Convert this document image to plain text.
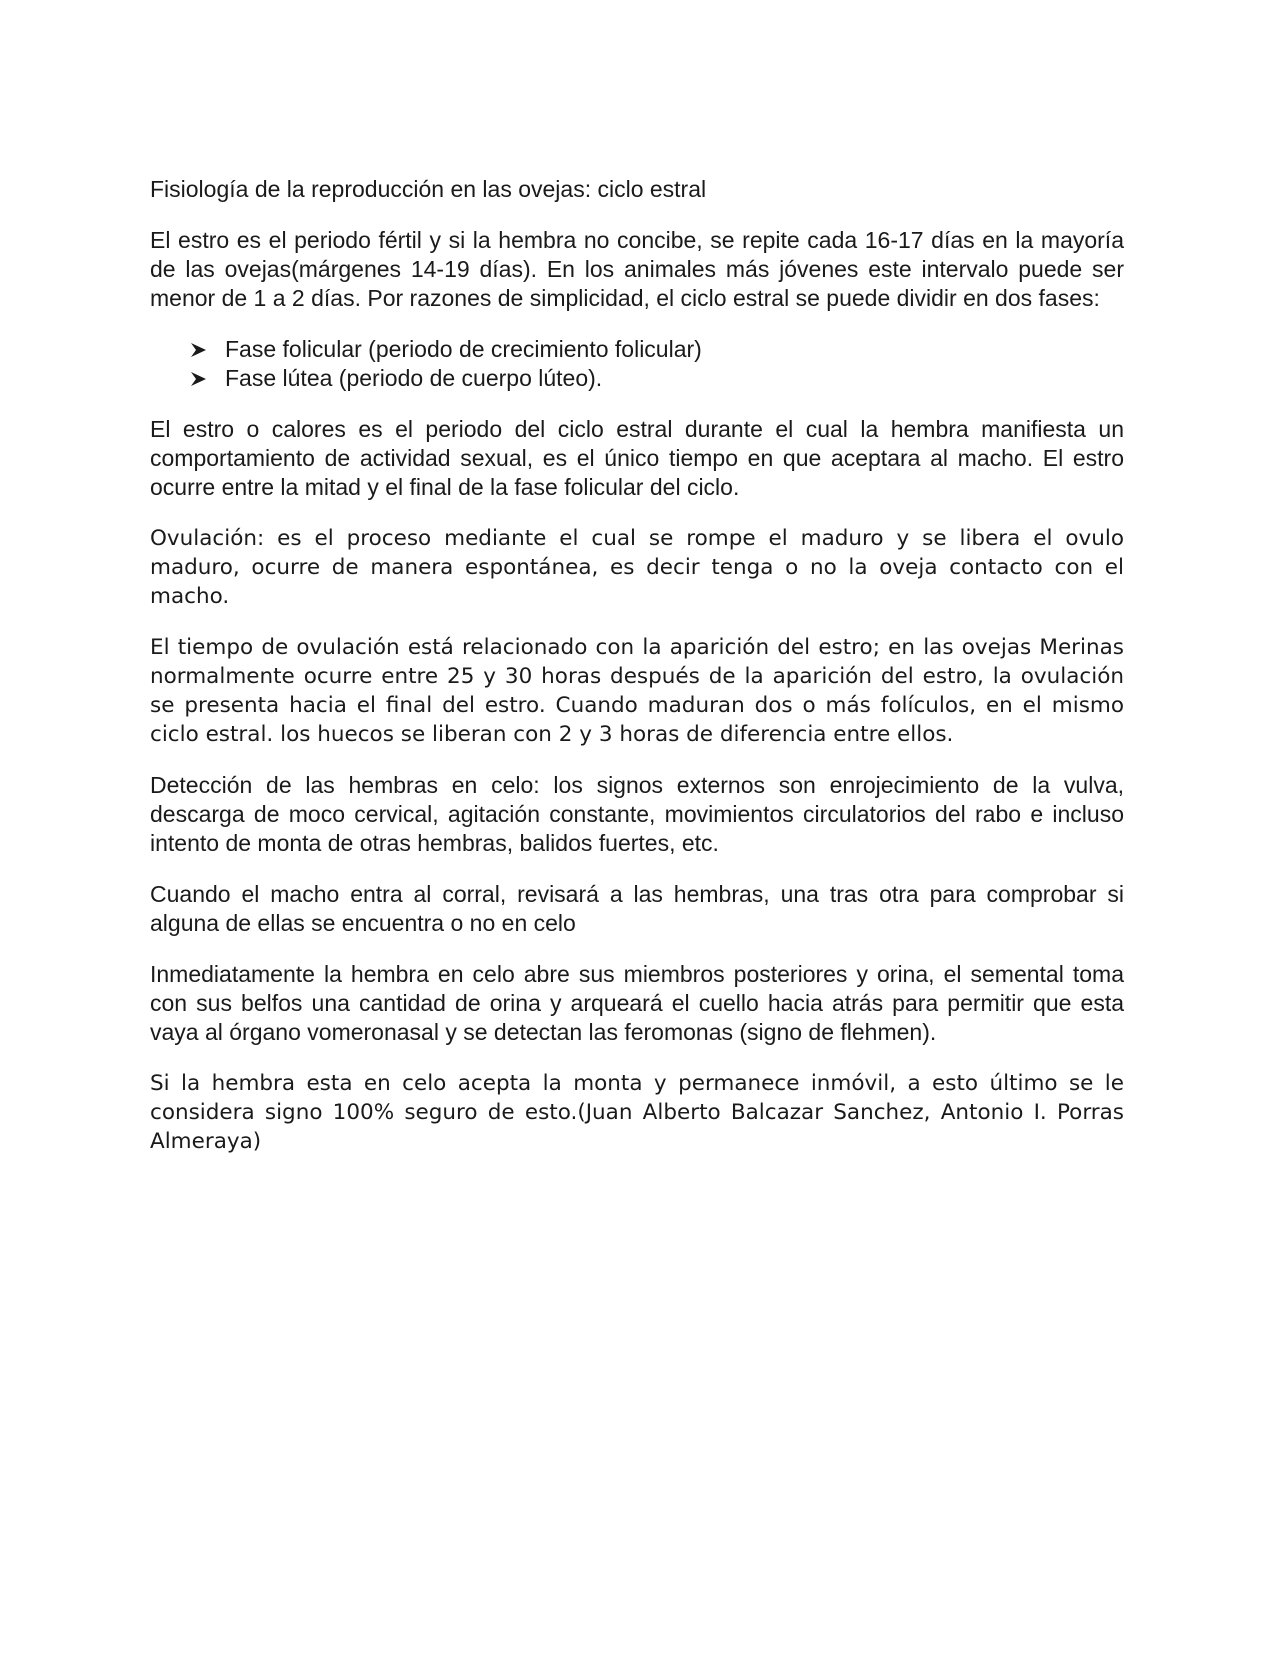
Fisiología de la reproducción en las ovejas: ciclo estral

El estro es el periodo fértil y si la hembra no concibe, se repite cada 16-17 días en la mayoría de las ovejas(márgenes 14-19 días). En los animales más jóvenes este intervalo puede ser menor de 1 a 2 días. Por razones de simplicidad, el ciclo estral se puede dividir en dos fases:

Fase folicular (periodo de crecimiento folicular)
Fase lútea (periodo de cuerpo lúteo).

El estro o calores es el periodo del ciclo estral durante el cual la hembra manifiesta un comportamiento de actividad sexual, es el único tiempo en que aceptara al macho. El estro ocurre entre la mitad y el final de la fase folicular del ciclo.

Ovulación: es el proceso mediante el cual se rompe el maduro y se libera el ovulo maduro, ocurre de manera espontánea, es decir tenga o no la oveja contacto con el macho.

El tiempo de ovulación está relacionado con la aparición del estro; en las ovejas Merinas normalmente ocurre entre 25 y 30 horas después de la aparición del estro, la ovulación se presenta hacia el final del estro. Cuando maduran dos o más folículos, en el mismo ciclo estral. los huecos se liberan con 2 y 3 horas de diferencia entre ellos.

Detección de las hembras en celo: los signos externos son enrojecimiento de la vulva, descarga de moco cervical, agitación constante, movimientos circulatorios del rabo e incluso intento de monta de otras hembras, balidos fuertes, etc.

Cuando el macho entra al corral, revisará a las hembras, una tras otra para comprobar si alguna de ellas se encuentra o no en celo

Inmediatamente la hembra en celo abre sus miembros posteriores y orina, el semental toma con sus belfos una cantidad de orina y arqueará el cuello hacia atrás para permitir que esta vaya al órgano vomeronasal y se detectan las feromonas (signo de flehmen).

Si la hembra esta en celo acepta la monta y permanece inmóvil, a esto último se le considera signo 100% seguro de esto.(Juan Alberto Balcazar Sanchez, Antonio I. Porras Almeraya)
